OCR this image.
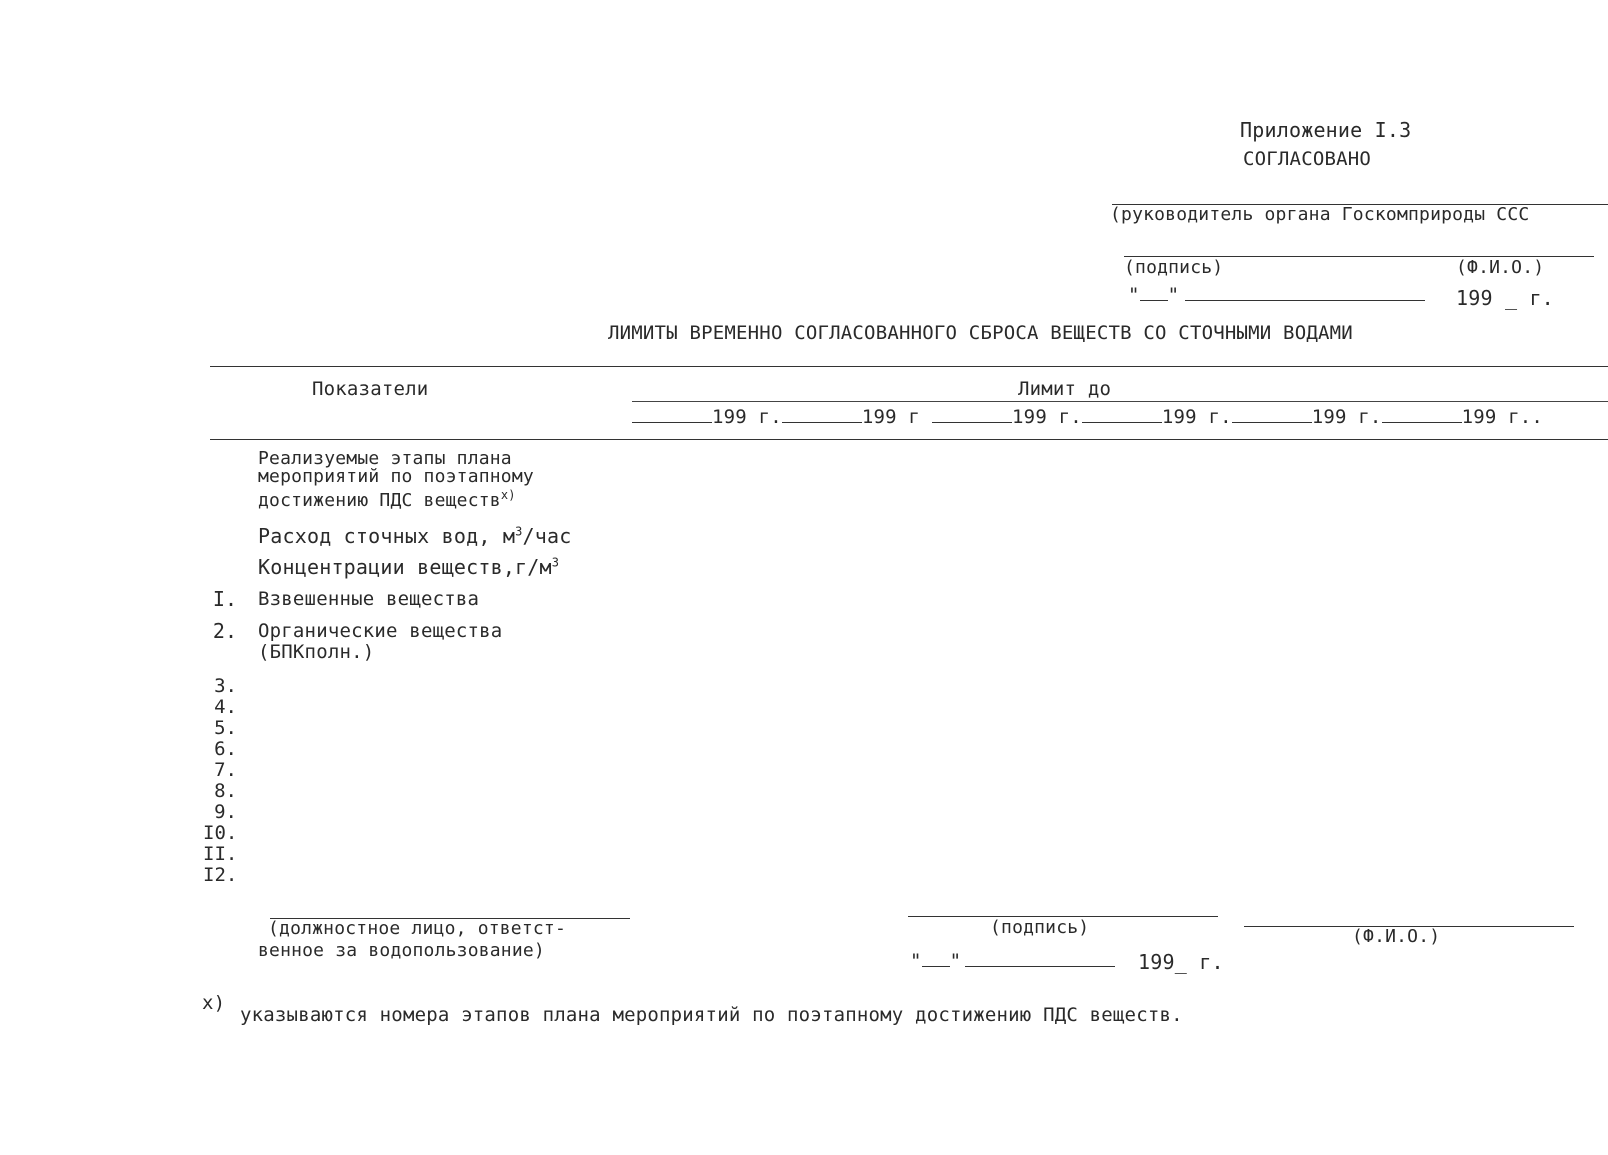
Приложение I.3
СОГЛАСОВАНО
(руководитель органа Госкомприроды ССС
(подпись)	(Ф.И.О.)
" "	199 _ г.
ЛИМИТЫ ВРЕМЕННО СОГЛАСОВАННОГО СБРОСА ВЕЩЕСТВ СО СТОЧНЫМИ ВОДАМИ
Показатели	Лимит до
199 г.	199 г	199 г.	199 г.	199 г.	199 г..
Реализуемые этапы плана мероприятий по поэтапному достижению ПДС веществ$^{x)}$
Расход сточных вод, $м^3$/час
Концентрации $веществ,г/м^3$
I. Взвешенные вещества
2. Органические вещества
(БПКполн.)
3.
4.
5.
6.
7.
8.
9.
I0.
II.
I2.
(должностное лицо, ответст-
венное за водопользование)
(подпись)	(Ф.И.О.)
" "	199_ г.
x)
указываются номера этапов плана мероприятий по поэтапному достижению ПДС веществ.
